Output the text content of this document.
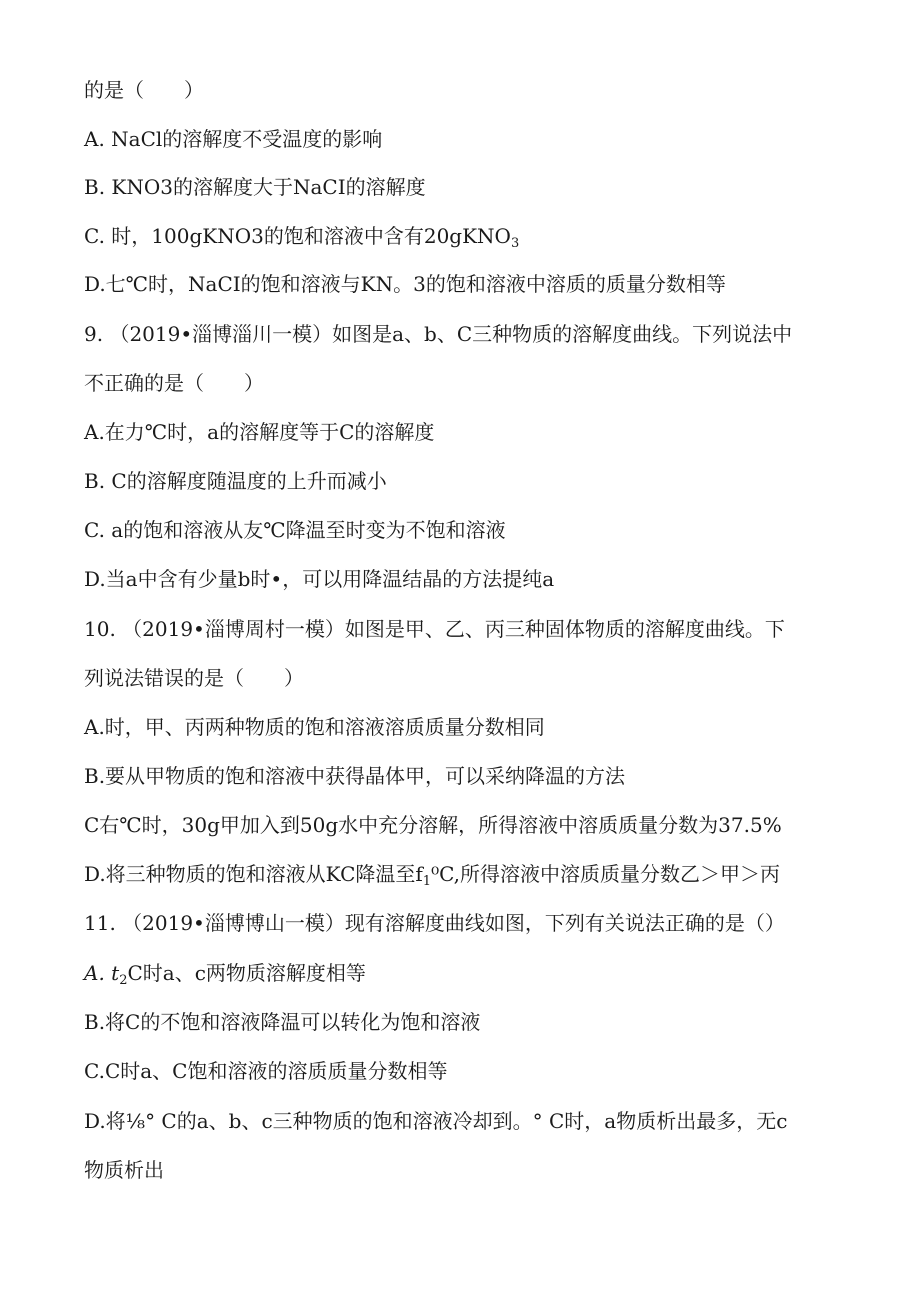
的是（　　）
A. NaCl的溶解度不受温度的影响
B. KNO3的溶解度大于NaCI的溶解度
C. 时，100gKNO3的饱和溶液中含有20gKNO$_3$
D.七℃时，NaCI的饱和溶液与KN。3的饱和溶液中溶质的质量分数相等
9. （2019•淄博淄川一模）如图是a、b、C三种物质的溶解度曲线。下列说法中
不正确的是（　　）
A.在力℃时，a的溶解度等于C的溶解度
B. C的溶解度随温度的上升而减小
C. a的饱和溶液从友℃降温至时变为不饱和溶液
D.当a中含有少量b时•，可以用降温结晶的方法提纯a
10. （2019•淄博周村一模）如图是甲、乙、丙三种固体物质的溶解度曲线。下
列说法错误的是（　　）
A.时，甲、丙两种物质的饱和溶液溶质质量分数相同
B.要从甲物质的饱和溶液中获得晶体甲，可以采纳降温的方法
C右℃时，30g甲加入到50g水中充分溶解，所得溶液中溶质质量分数为37.5%
D.将三种物质的饱和溶液从KC降温至$f_1^0C$,所得溶液中溶质质量分数乙＞甲＞丙
11. （2019•淄博博山一模）现有溶解度曲线如图，下列有关说法正确的是（）
A. $t_2C$时a、c两物质溶解度相等
B.将C的不饱和溶液降温可以转化为饱和溶液
C.C时a、C饱和溶液的溶质质量分数相等
D.将⅛° C的a、b、c三种物质的饱和溶液冷却到。° C时，a物质析出最多，无c
物质析出
